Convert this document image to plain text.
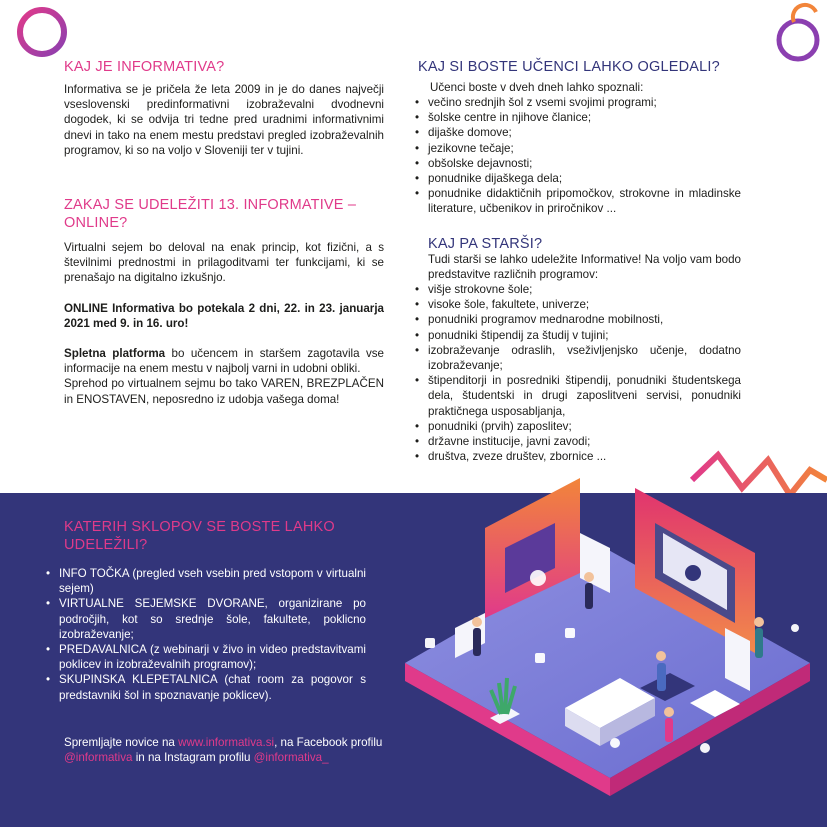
KAJ JE INFORMATIVA?

Informativa se je pričela že leta 2009 in je do danes največji vseslovenski predinformativni izobraževalni dvodnevni dogodek, ki se odvija tri tedne pred uradnimi informativnimi dnevi in tako na enem mestu predstavi pregled izobraževalnih programov, ki so na voljo v Sloveniji ter v tujini.

ZAKAJ SE UDELEŽITI 13. INFORMATIVE – ONLINE?

Virtualni sejem bo deloval na enak princip, kot fizični, a s številnimi prednostmi in prilagoditvami ter funkcijami, ki se prenašajo na digitalno izkušnjo.

ONLINE Informativa bo potekala 2 dni, 22. in 23. januarja 2021 med 9. in 16. uro!

Spletna platforma bo učencem in staršem zagotavila vse informacije na enem mestu v najbolj varni in udobni obliki.

Sprehod po virtualnem sejmu bo tako VAREN, BREZPLAČEN in ENOSTAVEN, neposredno iz udobja vašega doma!

KAJ SI BOSTE UČENCI LAHKO OGLEDALI?
Učenci boste v dveh dneh lahko spoznali:
• večino srednjih šol z vsemi svojimi programi;
• šolske centre in njihove članice;
• dijaške domove;
• jezikovne tečaje;
• obšolske dejavnosti;
• ponudnike dijaškega dela;
• ponudnike didaktičnih pripomočkov, strokovne in mladinske literature, učbenikov in priročnikov ...
KAJ PA STARŠI?
Tudi starši se lahko udeležite Informative! Na voljo vam bodo predstavitve različnih programov:
• višje strokovne šole;
• visoke šole, fakultete, univerze;
• ponudniki programov mednarodne mobilnosti,
• ponudniki štipendij za študij v tujini;
• izobraževanje odraslih, vseživljenjsko učenje, dodatno izobraževanje;
• štipenditorji in posredniki štipendij, ponudniki študentskega dela, študentski in drugi zaposlitveni servisi, ponudniki praktičnega usposabljanja,
• ponudniki (prvih) zaposlitev;
• državne institucije, javni zavodi;
• društva, zveze društev, zbornice ...
KATERIH SKLOPOV SE BOSTE LAHKO UDELEŽILI?
• INFO TOČKA (pregled vseh vsebin pred vstopom v virtualni sejem)
• VIRTUALNE SEJEMSKE DVORANE, organizirane po področjih, kot so srednje šole, fakultete, poklicno izobraževanje;
• PREDAVALNICA (z webinarji v živo in video predstavitvami poklicev in izobraževalnih programov);
• SKUPINSKA KLEPETALNICA (chat room za pogovor s predstavniki šol in spoznavanje poklicev).
Spremljajte novice na www.informativa.si, na Facebook profilu @informativa in na Instagram profilu @informativa_
